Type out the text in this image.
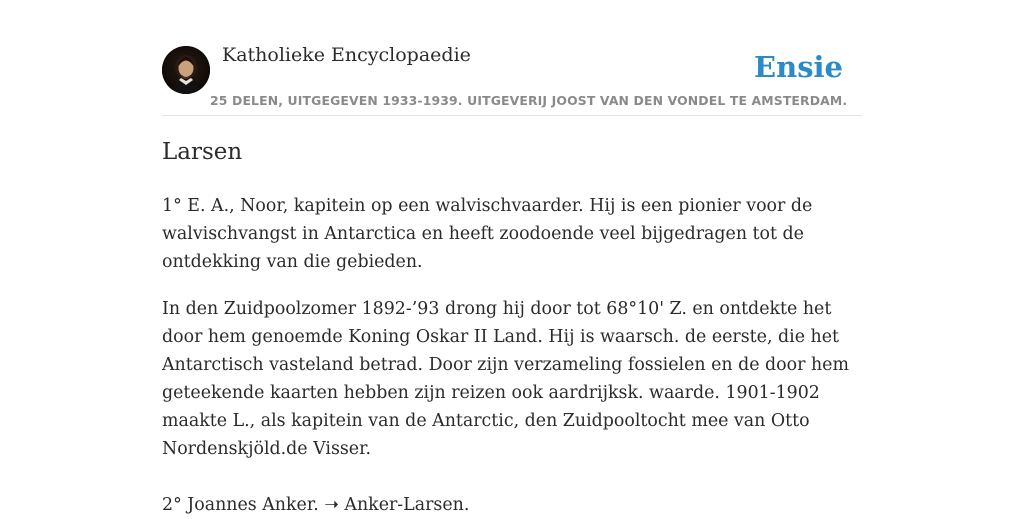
Katholieke Encyclopaedie
25 DELEN, UITGEGEVEN 1933-1939. UITGEVERIJ JOOST VAN DEN VONDEL TE AMSTERDAM.
Ensie
Larsen

1° E. A., Noor, kapitein op een walvischvaarder. Hij is een pionier voor de walvischvangst in Antarctica en heeft zoodoende veel bijgedragen tot de ontdekking van die gebieden.

In den Zuidpoolzomer 1892-’93 drong hij door tot 68°10' Z. en ontdekte het door hem genoemde Koning Oskar II Land. Hij is waarsch. de eerste, die het Antarctisch vasteland betrad. Door zijn verzameling fossielen en de door hem geteekende kaarten hebben zijn reizen ook aardrijksk. waarde. 1901-1902 maakte L., als kapitein van de Antarctic, den Zuidpooltocht mee van Otto Nordenskjöld.de Visser.

2° Joannes Anker. ➝ Anker-Larsen.
